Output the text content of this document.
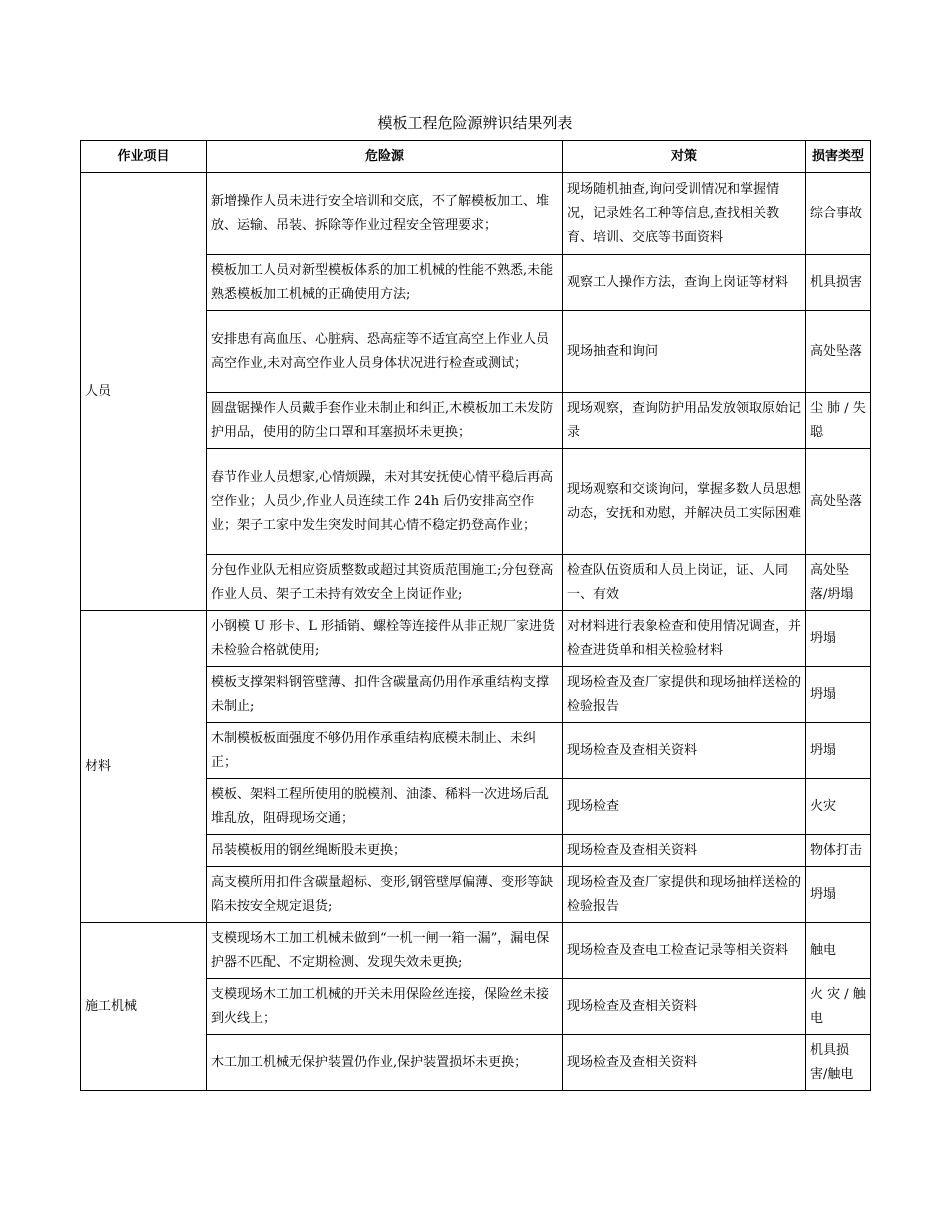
模板工程危险源辨识结果列表
作业项目	危险源	对策	损害类型
人员	新增操作人员未进行安全培训和交底，不了解模板加工、堆放、运输、吊装、拆除等作业过程安全管理要求；	现场随机抽查,询问受训情况和掌握情况，记录姓名工种等信息,查找相关教育、培训、交底等书面资料	综合事故
	模板加工人员对新型模板体系的加工机械的性能不熟悉,未能熟悉模板加工机械的正确使用方法;	观察工人操作方法，查询上岗证等材料	机具损害
	安排患有高血压、心脏病、恐高症等不适宜高空上作业人员高空作业,未对高空作业人员身体状况进行检查或测试；	现场抽查和询问	高处坠落
	圆盘锯操作人员戴手套作业未制止和纠正,木模板加工未发防护用品，使用的防尘口罩和耳塞损坏未更换；	现场观察，查询防护用品发放领取原始记录	尘 肺 / 失聪
	春节作业人员想家,心情烦躁，未对其安抚使心情平稳后再高空作业；人员少,作业人员连续工作 24h 后仍安排高空作业；架子工家中发生突发时间其心情不稳定扔登高作业；	现场观察和交谈询问，掌握多数人员思想动态，安抚和劝慰，并解决员工实际困难	高处坠落
	分包作业队无相应资质整数或超过其资质范围施工;分包登高作业人员、架子工未持有效安全上岗证作业;	检查队伍资质和人员上岗证，证、人同一、有效	高处坠落/坍塌
材料	小钢模 U 形卡、L 形插销、螺栓等连接件从非正规厂家进货未检验合格就使用;	对材料进行表象检查和使用情况调查，并检查进货单和相关检验材料	坍塌
	模板支撑架料钢管壁薄、扣件含碳量高仍用作承重结构支撑未制止;	现场检查及查厂家提供和现场抽样送检的检验报告	坍塌
	木制模板板面强度不够仍用作承重结构底模未制止、未纠正；	现场检查及查相关资料	坍塌
	模板、架料工程所使用的脱模剂、油漆、稀料一次进场后乱堆乱放，阻碍现场交通；	现场检查	火灾
	吊装模板用的钢丝绳断股未更换；	现场检查及查相关资料	物体打击
	高支模所用扣件含碳量超标、变形,钢管壁厚偏薄、变形等缺陷未按安全规定退货;	现场检查及查厂家提供和现场抽样送检的检验报告	坍塌
施工机械	支模现场木工加工机械未做到“一机一闸一箱一漏”，漏电保护器不匹配、不定期检测、发现失效未更换;	现场检查及查电工检查记录等相关资料	触电
	支模现场木工加工机械的开关未用保险丝连接，保险丝未接到火线上；	现场检查及查相关资料	火 灾 / 触电
	木工加工机械无保护装置仍作业,保护装置损坏未更换；	现场检查及查相关资料	机具损害/触电
